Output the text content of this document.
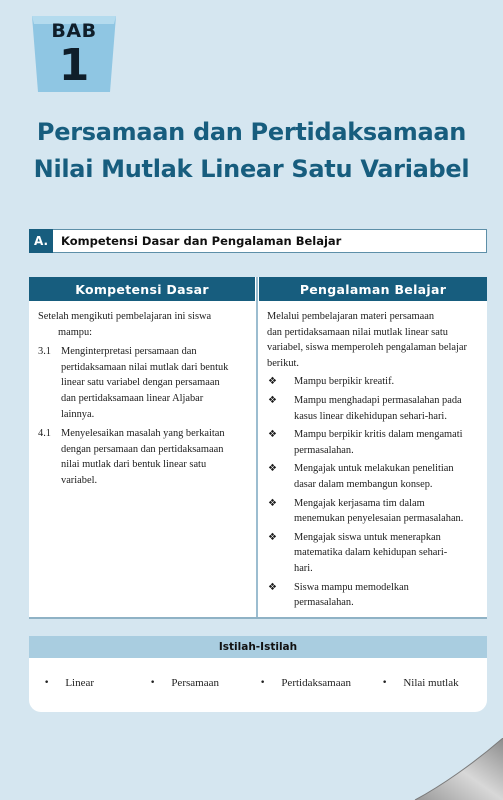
BAB
1
Persamaan dan Pertidaksamaan
Nilai Mutlak Linear Satu Variabel
A.	Kompetensi Dasar dan Pengalaman Belajar
Kompetensi Dasar
Setelah mengikuti pembelajaran ini siswa
mampu:
3.1 Menginterpretasi persamaan dan
pertidaksamaan nilai mutlak dari bentuk
linear satu variabel dengan persamaan
dan pertidaksamaan linear Aljabar
lainnya.
4.1 Menyelesaikan masalah yang berkaitan
dengan persamaan dan pertidaksamaan
nilai mutlak dari bentuk linear satu
variabel.
Pengalaman Belajar
Melalui pembelajaran materi persamaan
dan pertidaksamaan nilai mutlak linear satu
variabel, siswa memperoleh pengalaman belajar
berikut.
❖	Mampu berpikir kreatif.
❖	Mampu menghadapi permasalahan pada
kasus linear dikehidupan sehari-hari.
❖	Mampu berpikir kritis dalam mengamati
permasalahan.
❖	Mengajak untuk melakukan penelitian
dasar dalam membangun konsep.
❖	Mengajak kerjasama tim dalam
menemukan penyelesaian permasalahan.
❖	Mengajak siswa untuk menerapkan
matematika dalam kehidupan sehari-
hari.
❖	Siswa mampu memodelkan
permasalahan.
Istilah-Istilah
• Linear	• Persamaan	• Pertidaksamaan	• Nilai mutlak
